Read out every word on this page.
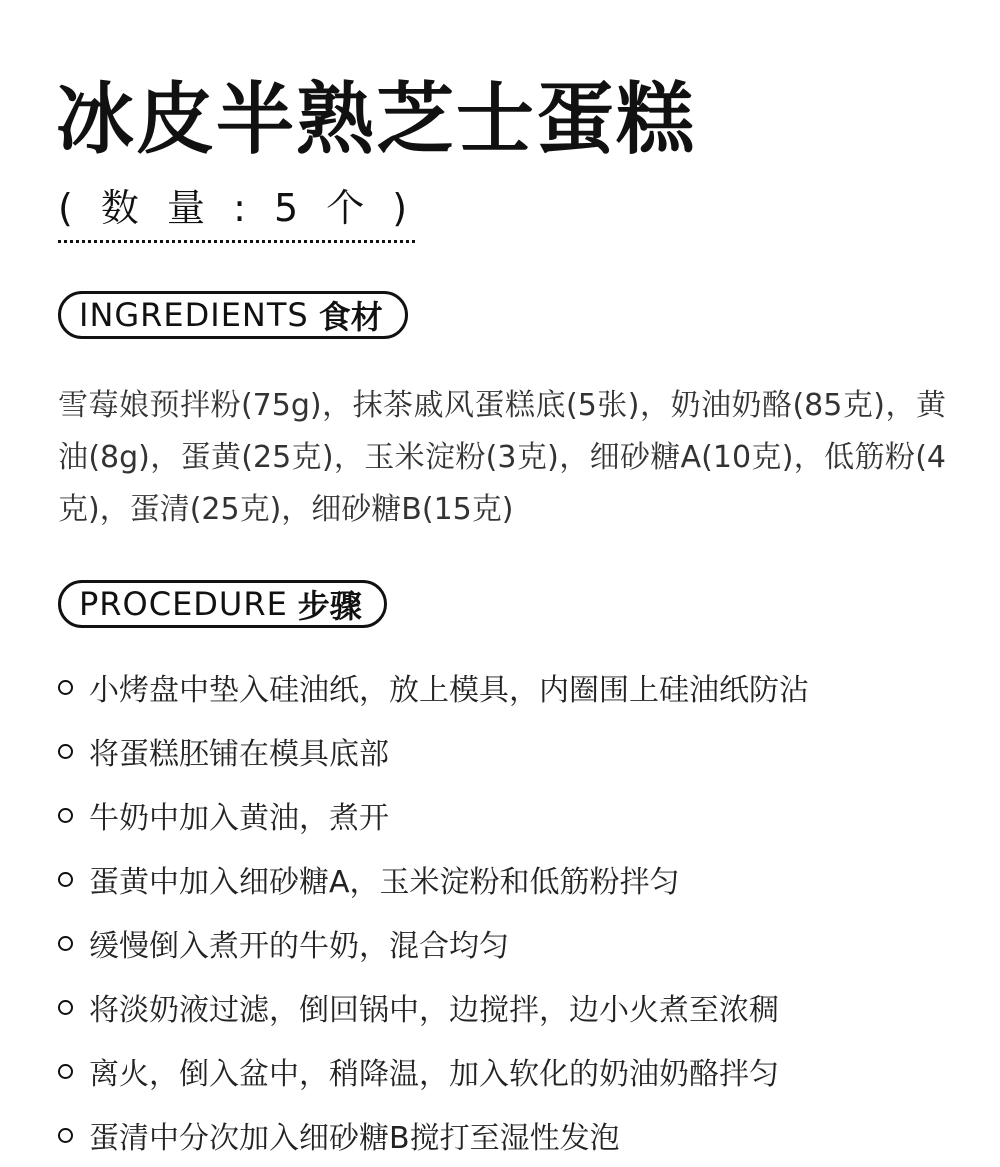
冰皮半熟芝士蛋糕
( 数 量 : 5 个 )
INGREDIENTS 食材

雪莓娘预拌粉(75g)，抹茶戚风蛋糕底(5张)，奶油奶酪(85克)，黄油(8g)，蛋黄(25克)，玉米淀粉(3克)，细砂糖A(10克)，低筋粉(4克)，蛋清(25克)，细砂糖B(15克)

PROCEDURE 步骤
小烤盘中垫入硅油纸，放上模具，内圈围上硅油纸防沾
将蛋糕胚铺在模具底部
牛奶中加入黄油，煮开
蛋黄中加入细砂糖A，玉米淀粉和低筋粉拌匀
缓慢倒入煮开的牛奶，混合均匀
将淡奶液过滤，倒回锅中，边搅拌，边小火煮至浓稠
离火，倒入盆中，稍降温，加入软化的奶油奶酪拌匀
蛋清中分次加入细砂糖B搅打至湿性发泡
